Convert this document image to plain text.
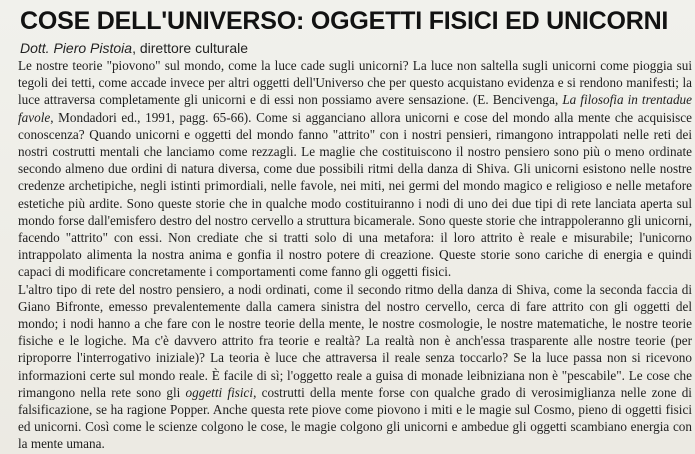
COSE DELL'UNIVERSO: OGGETTI FISICI ED UNICORNI
Dott. Piero Pistoia, direttore culturale

Le nostre teorie "piovono" sul mondo, come la luce cade sugli unicorni? La luce non saltella sugli unicorni come pioggia sui tegoli dei tetti, come accade invece per altri oggetti dell'Universo che per questo acquistano evidenza e si rendono manifesti; la luce attraversa completamente gli unicorni e di essi non possiamo avere sensazione. (E. Bencivenga, La filosofia in trentadue favole, Mondadori ed., 1991, pagg. 65-66). Come si agganciano allora unicorni e cose del mondo alla mente che acquisisce conoscenza? Quando unicorni e oggetti del mondo fanno "attrito" con i nostri pensieri, rimangono intrappolati nelle reti dei nostri costrutti mentali che lanciamo come rezzagli. Le maglie che costituiscono il nostro pensiero sono più o meno ordinate secondo almeno due ordini di natura diversa, come due possibili ritmi della danza di Shiva. Gli unicorni esistono nelle nostre credenze archetipiche, negli istinti primordiali, nelle favole, nei miti, nei germi del mondo magico e religioso e nelle metafore estetiche più ardite. Sono queste storie che in qualche modo costituiranno i nodi di uno dei due tipi di rete lanciata aperta sul mondo forse dall'emisfero destro del nostro cervello a struttura bicamerale. Sono queste storie che intrappoleranno gli unicorni, facendo "attrito" con essi. Non crediate che si tratti solo di una metafora: il loro attrito è reale e misurabile; l'unicorno intrappolato alimenta la nostra anima e gonfia il nostro potere di creazione. Queste storie sono cariche di energia e quindi capaci di modificare concretamente i comportamenti come fanno gli oggetti fisici.

L'altro tipo di rete del nostro pensiero, a nodi ordinati, come il secondo ritmo della danza di Shiva, come la seconda faccia di Giano Bifronte, emesso prevalentemente dalla camera sinistra del nostro cervello, cerca di fare attrito con gli oggetti del mondo; i nodi hanno a che fare con le nostre teorie della mente, le nostre cosmologie, le nostre matematiche, le nostre teorie fisiche e le logiche. Ma c'è davvero attrito fra teorie e realtà? La realtà non è anch'essa trasparente alle nostre teorie (per riproporre l'interrogativo iniziale)? La teoria è luce che attraversa il reale senza toccarlo? Se la luce passa non si ricevono informazioni certe sul mondo reale. È facile di sì; l'oggetto reale a guisa di monade leibniziana non è "pescabile". Le cose che rimangono nella rete sono gli oggetti fisici, costrutti della mente forse con qualche grado di verosimiglianza nelle zone di falsificazione, se ha ragione Popper. Anche questa rete piove come piovono i miti e le magie sul Cosmo, pieno di oggetti fisici ed unicorni. Così come le scienze colgono le cose, le magie colgono gli unicorni e ambedue gli oggetti scambiano energia con la mente umana.
